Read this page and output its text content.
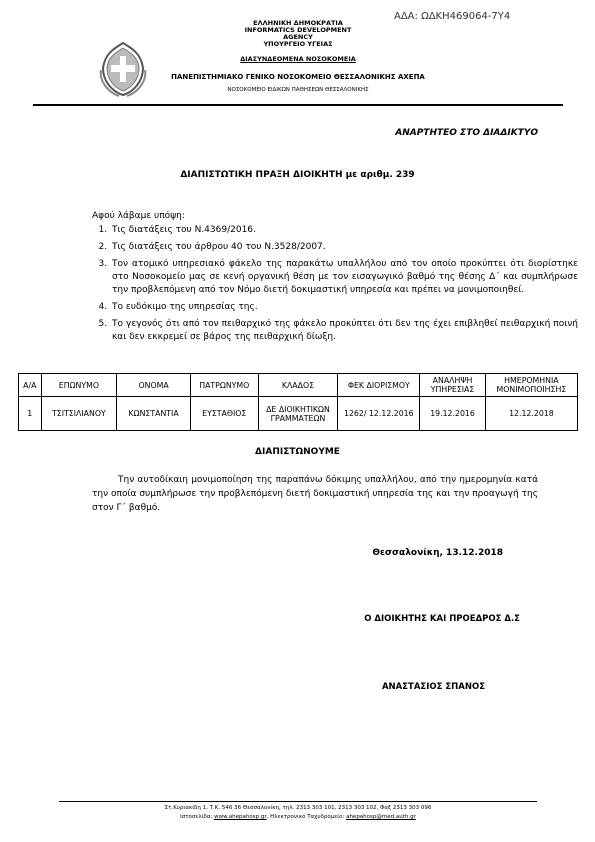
ΑΔΑ: ΩΔΚΗ469064-7Υ4
ΕΛΛΗΝΙΚΗ ΔΗΜΟΚΡΑΤΙΑ
INFORMATICS DEVELOPMENT AGENCY
ΥΠΟΥΡΓΕΙΟ ΥΓΕΙΑΣ
ΔΙΑΣΥΝΔΕΟΜΕΝΑ ΝΟΣΟΚΟΜΕΙΑ
ΠΑΝΕΠΙΣΤΗΜΙΑΚΟ ΓΕΝΙΚΟ ΝΟΣΟΚΟΜΕΙΟ ΘΕΣΣΑΛΟΝΙΚΗΣ ΑΧΕΠΑ
ΝΟΣΟΚΟΜΕΙΟ ΕΙΔΙΚΩΝ ΠΑΘΗΣΕΩΝ ΘΕΣΣΑΛΟΝΙΚΗΣ
ΑΝΑΡΤΗΤΕΟ ΣΤΟ ΔΙΑΔΙΚΤΥΟ
ΔΙΑΠΙΣΤΩΤΙΚΗ ΠΡΑΞΗ ΔΙΟΙΚΗΤΗ με αριθμ. 239
Αφού λάβαμε υπόψη:
1. Τις διατάξεις του Ν.4369/2016.
2. Τις διατάξεις του άρθρου 40 του Ν.3528/2007.
3. Τον ατομικό υπηρεσιακό φάκελο της παρακάτω υπαλλήλου από τον οποίο προκύπτει ότι διορίστηκε στο Νοσοκομείο μας σε κενή οργανική θέση με τον εισαγωγικό βαθμό της θέσης Δ΄ και συμπλήρωσε την προβλεπόμενη από τον Νόμο διετή δοκιμαστική υπηρεσία και πρέπει να μονιμοποιηθεί.
4. Το ευδόκιμο της υπηρεσίας της.
5. Το γεγονός ότι από τον πειθαρχικό της φάκελο προκύπτει ότι δεν της έχει επιβληθεί πειθαρχική ποινή και δεν εκκρεμεί σε βάρος της πειθαρχική δίωξη.
Α/Α	ΕΠΩΝΥΜΟ	ΟΝΟΜΑ	ΠΑΤΡΩΝΥΜΟ	ΚΛΑΔΟΣ	ΦΕΚ ΔΙΟΡΙΣΜΟΥ	ΑΝΑΛΗΨΗ ΥΠΗΡΕΣΙΑΣ	ΗΜΕΡΟΜΗΝΙΑ ΜΟΝΙΜΟΠΟΙΗΣΗΣ
1	ΤΣΙΤΣΙΛΙΑΝΟΥ	ΚΩΝΣΤΑΝΤΙΑ	ΕΥΣΤΑΘΙΟΣ	ΔΕ ΔΙΟΙΚΗΤΙΚΩΝ ΓΡΑΜΜΑΤΕΩΝ	1262/ 12.12.2016	19.12.2016	12.12.2018
ΔΙΑΠΙΣΤΩΝΟΥΜΕ
Την αυτοδίκαιη μονιμοποίηση της παραπάνω δόκιμης υπαλλήλου, από την ημερομηνία κατά την οποία συμπλήρωσε την προβλεπόμενη διετή δοκιμαστική υπηρεσία της και την προαγωγή της στον Γ΄ βαθμό.
Θεσσαλονίκη, 13.12.2018
Ο ΔΙΟΙΚΗΤΗΣ ΚΑΙ ΠΡΟΕΔΡΟΣ Δ.Σ
ΑΝΑΣΤΑΣΙΟΣ ΣΠΑΝΟΣ
Στ.Κυριακίδη 1, Τ.Κ. 546 36 Θεσσαλονίκη, τηλ. 2313 303 101, 2313 303 102, Φαξ 2313 303 096
Ιστοσελίδα: www.ahepahosp.gr, Ηλεκτρονικό Ταχυδρομείο: ahepahosp@med.auth.gr
